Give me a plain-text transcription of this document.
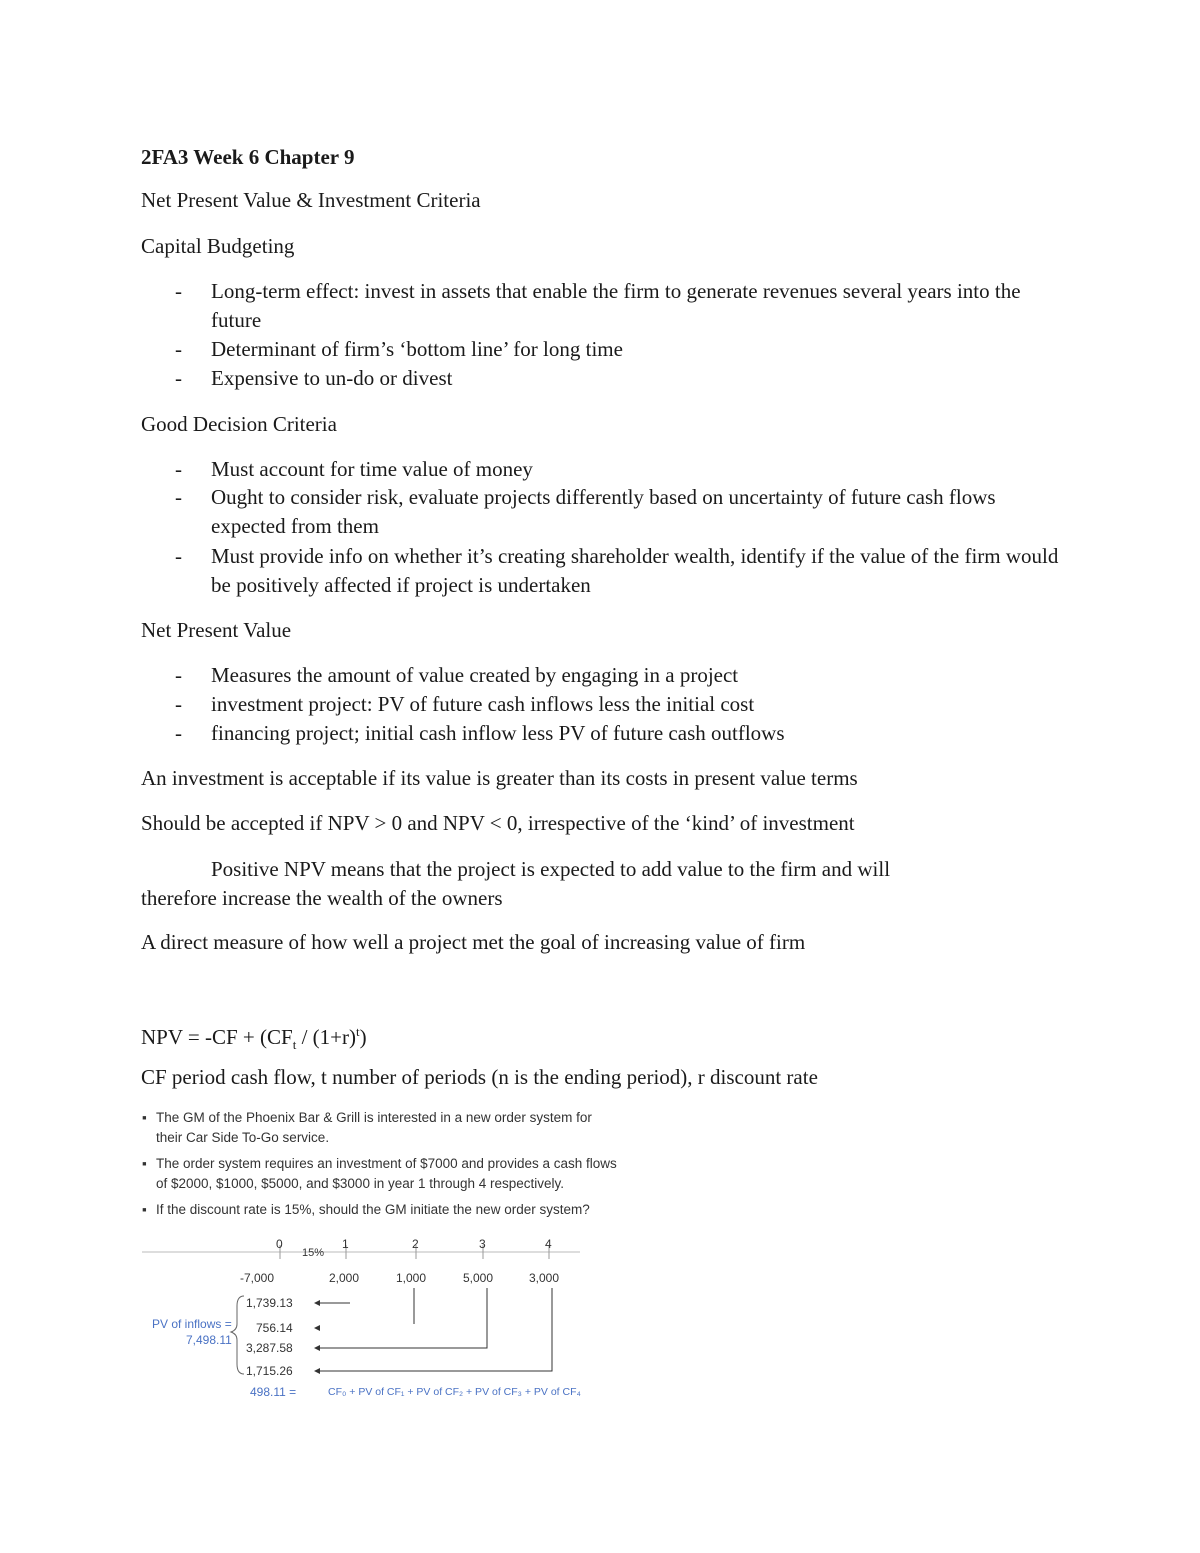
2FA3 Week 6 Chapter 9
Net Present Value & Investment Criteria
Capital Budgeting
- Long-term effect: invest in assets that enable the firm to generate revenues several years into the future
- Determinant of firm’s ‘bottom line’ for long time
- Expensive to un-do or divest
Good Decision Criteria
- Must account for time value of money
- Ought to consider risk, evaluate projects differently based on uncertainty of future cash flows expected from them
- Must provide info on whether it’s creating shareholder wealth, identify if the value of the firm would be positively affected if project is undertaken
Net Present Value
- Measures the amount of value created by engaging in a project
- investment project: PV of future cash inflows less the initial cost
- financing project; initial cash inflow less PV of future cash outflows
An investment is acceptable if its value is greater than its costs in present value terms
Should be accepted if NPV > 0 and NPV < 0, irrespective of the ‘kind’ of investment
Positive NPV means that the project is expected to add value to the firm and will
therefore increase the wealth of the owners
A direct measure of how well a project met the goal of increasing value of firm
NPV = $-CF + (CF_t / (1+r)^t)$
CF period cash flow, t number of periods (n is the ending period), r discount rate
▪ The GM of the Phoenix Bar & Grill is interested in a new order system for their Car Side To-Go service.
▪ The order system requires an investment of $7000 and provides a cash flows of $2000, $1000, $5000, and $3000 in year 1 through 4 respectively.
▪ If the discount rate is 15%, should the GM initiate the new order system?
0	1	2	3	4
15%
-7,000	2,000	1,000	5,000	3,000
1,739.13
756.14
3,287.58
1,715.26
PV of inflows =
7,498.11
498.11 =	CF₀ + PV of CF₁ + PV of CF₂ + PV of CF₃ + PV of CF₄
